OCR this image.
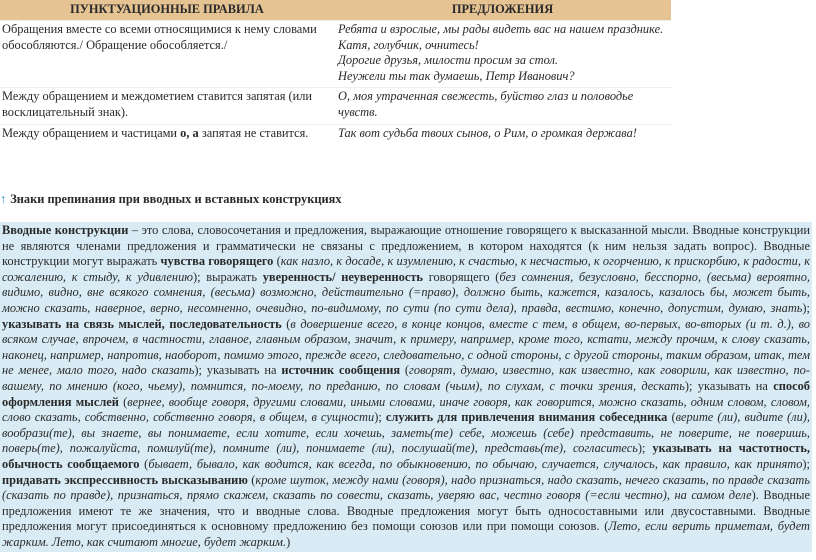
ПУНКТУАЦИОННЫЕ ПРАВИЛА	ПРЕДЛОЖЕНИЯ
Обращения вместе со всеми относящимися к нему словами обособляются./ Обращение обособляется./	Ребята и взрослые, мы рады видеть вас на нашем празднике.
Катя, голубчик, очнитесь!
Дорогие друзья, милости просим за стол.
Неужели ты так думаешь, Петр Иванович?

Между обращением и междометием ставится запятая (или восклицательный знак).	О, моя утраченная свежесть, буйство глаз и половодье чувств.

Между обращением и частицами о, а запятая не ставится.	Так вот судьба твоих сынов, о Рим, о громкая держава!
↑ Знаки препинания при вводных и вставных конструкциях
Вводные конструкции – это слова, словосочетания и предложения, выражающие отношение говорящего к высказанной мысли. Вводные конструкции не являются членами предложения и грамматически не связаны с предложением, в котором находятся (к ним нельзя задать вопрос). Вводные конструкции могут выражать чувства говорящего (как назло, к досаде, к изумлению, к счастью, к несчастью, к огорчению, к прискорбию, к радости, к сожалению, к стыду, к удивлению); выражать уверенность/ неуверенность говорящего (без сомнения, безусловно, бесспорно, (весьма) вероятно, видимо, видно, вне всякого сомнения, (весьма) возможно, действительно (=право), должно быть, кажется, казалось, казалось бы, может быть, можно сказать, наверное, верно, несомненно, очевидно, по-видимому, по сути (по сути дела), правда, вестимо, конечно, допустим, думаю, знать); указывать на связь мыслей, последовательность (в довершение всего, в конце концов, вместе с тем, в общем, во-первых, во-вторых (и т. д.), во всяком случае, впрочем, в частности, главное, главным образом, значит, к примеру, например, кроме того, кстати, между прочим, к слову сказать, наконец, например, напротив, наоборот, помимо этого, прежде всего, следовательно, с одной стороны, с другой стороны, таким образом, итак, тем не менее, мало того, надо сказать); указывать на источник сообщения (говорят, думаю, известно, как известно, как говорили, как известно, по-вашему, по мнению (кого, чьему), помнится, по-моему, по преданию, по словам (чьим), по слухам, с точки зрения, дескать); указывать на способ оформления мыслей (вернее, вообще говоря, другими словами, иными словами, иначе говоря, как говорится, можно сказать, одним словом, словом, слово сказать, собственно, собственно говоря, в общем, в сущности); служить для привлечения внимания собеседника (верите (ли), видите (ли), вообрази(те), вы знаете, вы понимаете, если хотите, если хочешь, заметь(те) себе, можешь (себе) представить, не поверите, не поверишь, поверь(те), пожалуйста, помилуй(те), помните (ли), понимаете (ли), послушай(те), представь(те), согласитесь); указывать на частотность, обычность сообщаемого (бывает, бывало, как водится, как всегда, по обыкновению, по обычаю, случается, случалось, как правило, как принято); придавать экспрессивность высказыванию (кроме шуток, между нами (говоря), надо признаться, надо сказать, нечего сказать, по правде сказать (сказать по правде), признаться, прямо скажем, сказать по совести, сказать, уверяю вас, честно говоря (=если честно), на самом деле). Вводные предложения имеют те же значения, что и вводные слова. Вводные предложения могут быть односоставными или двусоставными. Вводные предложения могут присоединяться к основному предложению без помощи союзов или при помощи союзов. (Лето, если верить приметам, будет жарким. Лето, как считают многие, будет жарким.)
